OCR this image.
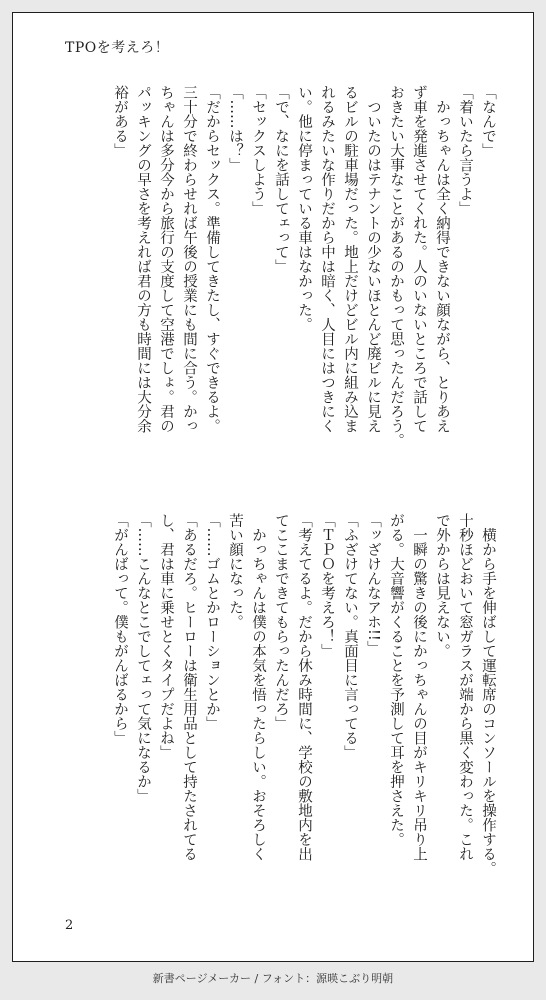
TPOを考えろ！
「なんで」
「着いたら言うよ」
　かっちゃんは全く納得できない顔ながら、とりあえ
ず車を発進させてくれた。人のいないところで話して
おきたい大事なことがあるのかもって思ったんだろう。
　ついたのはテナントの少ないほとんど廃ビルに見え
るビルの駐車場だった。地上だけどビル内に組み込ま
れるみたいな作りだから中は暗く、人目にはつきにく
い。他に停まっている車はなかった。
「で、なにを話してェって」
「セックスしよう」
「……は？」
「だからセックス。準備してきたし、すぐできるよ。
三十分で終わらせれば午後の授業にも間に合う。かっ
ちゃんは多分今から旅行の支度して空港でしょ。君の
パッキングの早さを考えれば君の方も時間には大分余
裕がある」
　横から手を伸ばして運転席のコンソールを操作する。
十秒ほどおいて窓ガラスが端から黒く変わった。これ
で外からは見えない。
　一瞬の驚きの後にかっちゃんの目がキリキリ吊り上
がる。大音響がくることを予測して耳を押さえた。
「ッざけんなアホ!!」
「ふざけてない。真面目に言ってる」
「ＴＰＯを考えろ！」
「考えてるよ。だから休み時間に、学校の敷地内を出
てここまできてもらったんだろ」
　かっちゃんは僕の本気を悟ったらしい。おそろしく
苦い顔になった。
「……ゴムとかローションとか」
「あるだろ。ヒーローは衛生用品として持たされてる
し、君は車に乗せとくタイプだよね」
「……こんなとこでしてェって気になるか」
「がんばって。僕もがんばるから」
2
新書ページメーカー / フォント：源暎こぶり明朝
